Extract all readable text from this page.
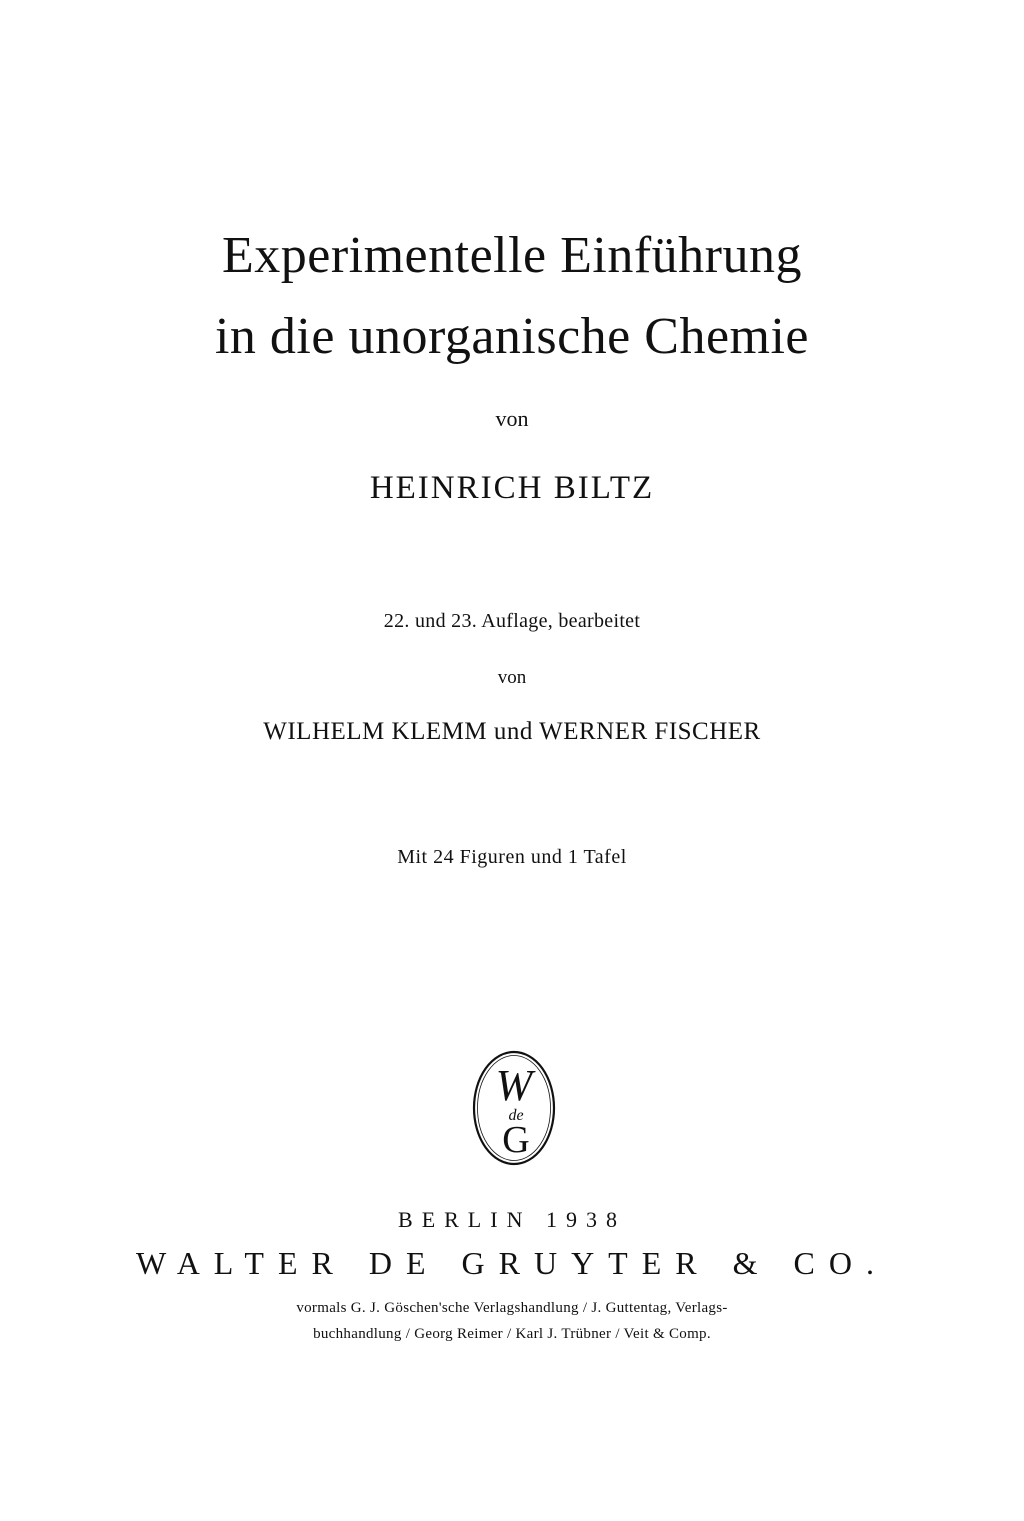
Experimentelle Einführung
in die unorganische Chemie
von
HEINRICH BILTZ
22. und 23. Auflage, bearbeitet
von
WILHELM KLEMM und WERNER FISCHER
Mit 24 Figuren und 1 Tafel
W
de
G
BERLIN 1938
WALTER DE GRUYTER & CO.
vormals G. J. Göschen'sche Verlagshandlung / J. Guttentag, Verlags-
buchhandlung / Georg Reimer / Karl J. Trübner / Veit & Comp.
